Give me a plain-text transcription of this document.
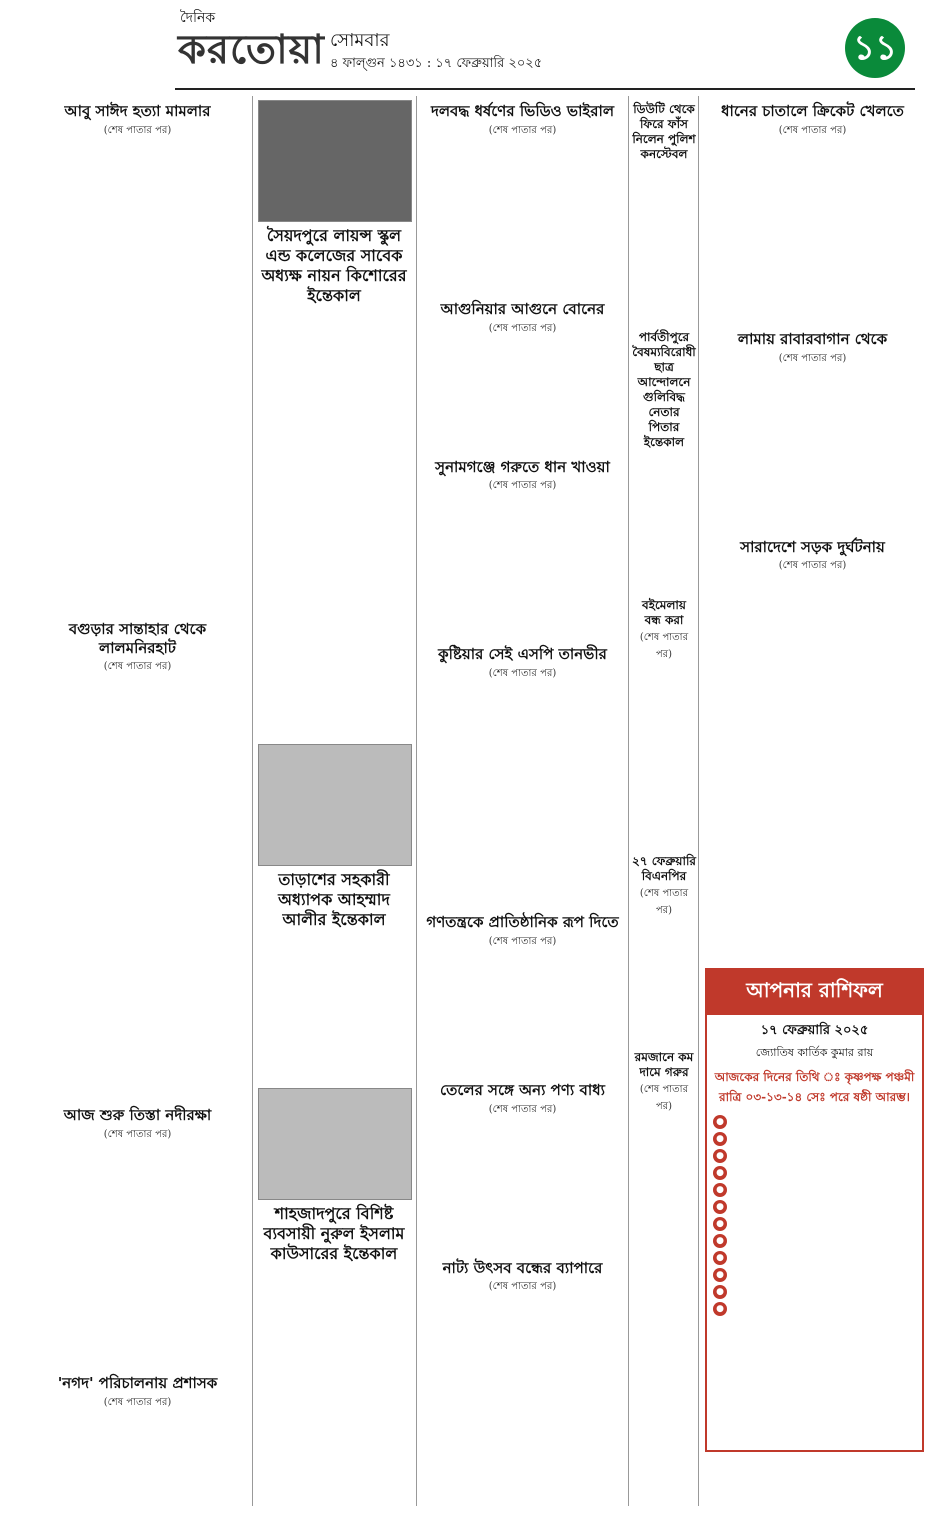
দৈনিক
করতোয়া সোমবার
৪ ফাল্গুন ১৪৩১ : ১৭ ফেব্রুয়ারি ২০২৫	১১
আবু সাঈদ হত্যা মামলার
(শেষ পাতার পর)
বগুড়ার সান্তাহার থেকে লালমনিরহাট
(শেষ পাতার পর)
আজ শুরু তিস্তা নদীরক্ষা
(শেষ পাতার পর)
'নগদ' পরিচালনায় প্রশাসক
(শেষ পাতার পর)
সৈয়দপুরে লায়ন্স স্কুল এন্ড কলেজের সাবেক অধ্যক্ষ নায়ন কিশোরের ইন্তেকাল
তাড়াশের সহকারী অধ্যাপক আহম্মাদ আলীর ইন্তেকাল
শাহজাদপুরে বিশিষ্ট ব্যবসায়ী নুরুল ইসলাম কাউসারের ইন্তেকাল
দলবদ্ধ ধর্ষণের ভিডিও ভাইরাল
(শেষ পাতার পর)
আগুনিয়ার আগুনে বোনের
(শেষ পাতার পর)
সুনামগঞ্জে গরুতে ধান খাওয়া
(শেষ পাতার পর)
কুষ্টিয়ার সেই এসপি তানভীর
(শেষ পাতার পর)
গণতন্ত্রকে প্রাতিষ্ঠানিক রূপ দিতে
(শেষ পাতার পর)
তেলের সঙ্গে অন্য পণ্য বাধ্য
(শেষ পাতার পর)
নাট্য উৎসব বন্ধের ব্যাপারে
(শেষ পাতার পর)
ডিউটি থেকে ফিরে ফাঁস নিলেন পুলিশ কনস্টেবল
পার্বতীপুরে বৈষম্যবিরোধী ছাত্র আন্দোলনে গুলিবিদ্ধ নেতার পিতার ইন্তেকাল
বইমেলায় বন্ধ করা
(শেষ পাতার পর)
২৭ ফেব্রুয়ারি বিএনপির
(শেষ পাতার পর)
রমজানে কম দামে গরুর
(শেষ পাতার পর)
ধানের চাতালে ক্রিকেট খেলতে
(শেষ পাতার পর)
লামায় রাবারবাগান থেকে
(শেষ পাতার পর)
সারাদেশে সড়ক দুর্ঘটনায়
(শেষ পাতার পর)
আপনার রাশিফল
১৭ ফেব্রুয়ারি ২০২৫
জ্যোতিষ কার্তিক কুমার রায়
আজকের দিনের তিথি ঃ কৃষ্ণপক্ষ পঞ্চমী রাত্রি ০৩-১৩-১৪ সেঃ পরে ষষ্ঠী আরম্ভ।
●
●
●
●
●
●
●
●
●
●
●
●
